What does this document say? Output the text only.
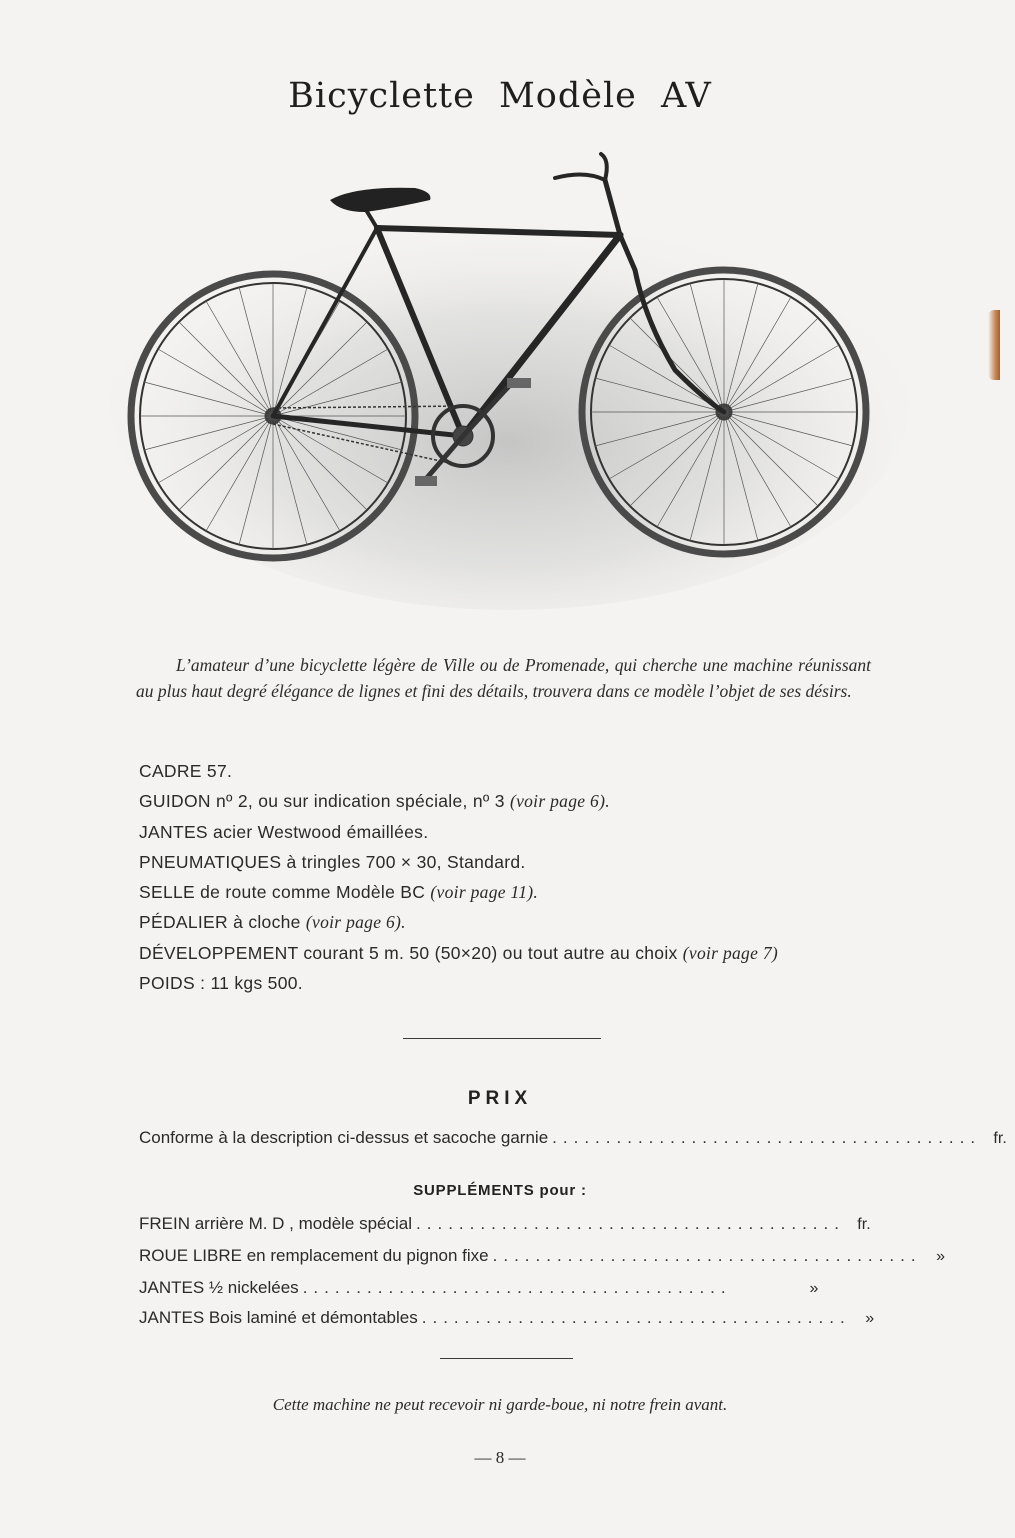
Bicyclette Modèle AV

L’amateur d’une bicyclette légère de Ville ou de Promenade, qui cherche une machine réunissant au plus haut degré élégance de lignes et fini des détails, trouvera dans ce modèle l’objet de ses désirs.

CADRE 57.
GUIDON nº 2, ou sur indication spéciale, nº 3 (voir page 6).
JANTES acier Westwood émaillées.
PNEUMATIQUES à tringles 700 × 30, Standard.
SELLE de route comme Modèle BC (voir page 11).
PÉDALIER à cloche (voir page 6).
DÉVELOPPEMENT courant 5 m. 50 (50×20) ou tout autre au choix (voir page 7)
POIDS : 11 kgs 500.
PRIX
Conforme à la description ci-dessus et sacoche garnie ........................................ fr.
SUPPLÉMENTS pour :
FREIN arrière M. D , modèle spécial ........................................ fr.
ROUE LIBRE en remplacement du pignon fixe ........................................ »
JANTES ½ nickelées ........................................	»
JANTES Bois laminé et démontables ........................................ »
Cette machine ne peut recevoir ni garde-boue, ni notre frein avant.
— 8 —
